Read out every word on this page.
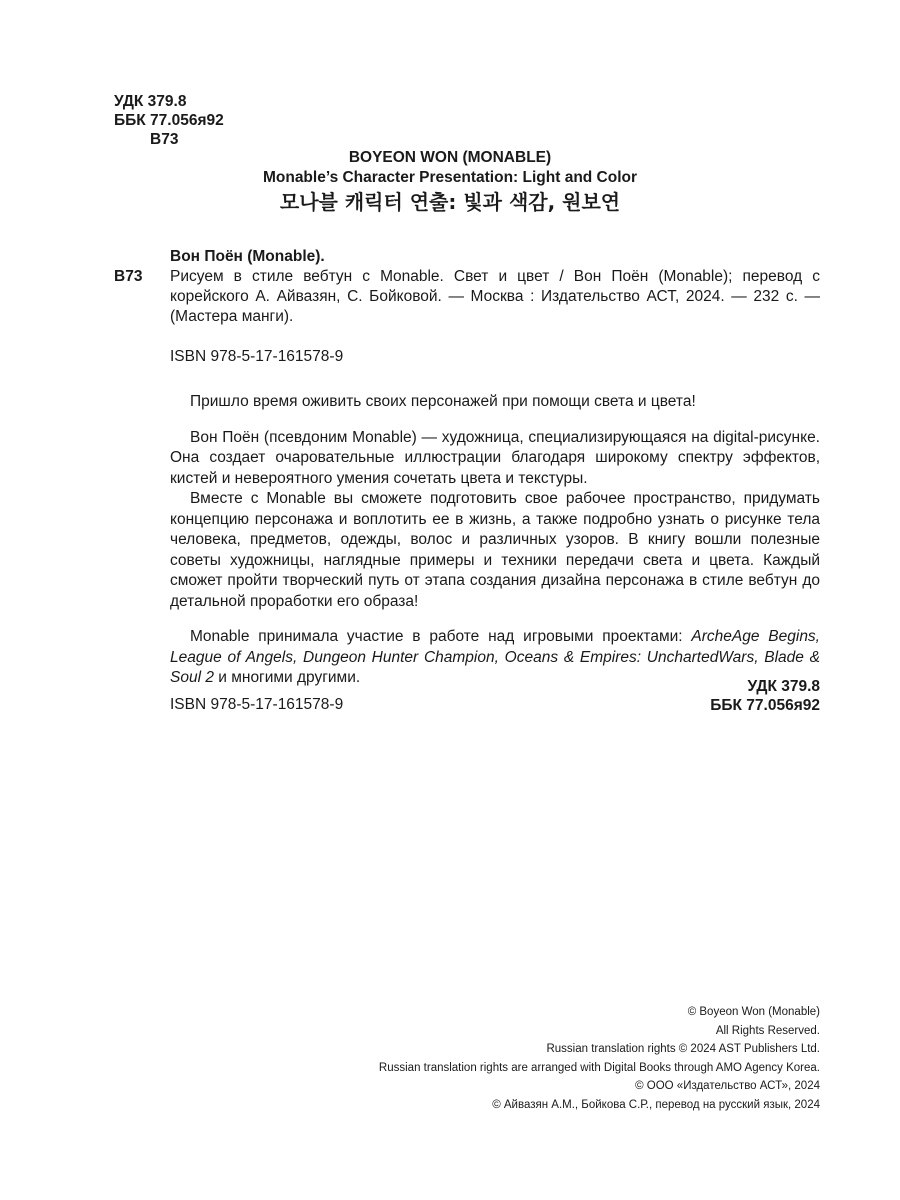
УДК 379.8
ББК 77.056я92
В73
BOYEON WON (MONABLE)
Monable’s Character Presentation: Light and Color
모나블 캐릭터 연출: 빛과 색감, 원보연
Вон Поён (Monable).
В73	Рисуем в стиле вебтун с Monable. Свет и цвет / Вон Поён (Monable); перевод с корейского А. Айвазян, С. Бойковой. — Москва : Издательство АСТ, 2024. — 232 с. — (Мастера манги).
ISBN 978-5-17-161578-9

Пришло время оживить своих персонажей при помощи света и цвета!

Вон Поён (псевдоним Monable) — художница, специализирующаяся на digital-рисунке. Она создает очаровательные иллюстрации благодаря широкому спектру эффектов, кистей и невероятного умения сочетать цвета и текстуры.

Вместе с Monable вы сможете подготовить свое рабочее пространство, придумать концепцию персонажа и воплотить ее в жизнь, а также подробно узнать о рисунке тела человека, предметов, одежды, волос и различных узоров. В книгу вошли полезные советы художницы, наглядные примеры и техники передачи света и цвета. Каждый сможет пройти творческий путь от этапа создания дизайна персонажа в стиле вебтун до детальной проработки его образа!

Monable принимала участие в работе над игровыми проектами: ArcheAge Begins, League of Angels, Dungeon Hunter Champion, Oceans & Empires: UnchartedWars, Blade & Soul 2 и многими другими.

ISBN 978-5-17-161578-9
УДК 379.8
ББК 77.056я92
© Boyeon Won (Monable)
All Rights Reserved.
Russian translation rights © 2024 AST Publishers Ltd.
Russian translation rights are arranged with Digital Books through AMO Agency Korea.
© ООО «Издательство АСТ», 2024
© Айвазян А.М., Бойкова С.Р., перевод на русский язык, 2024
